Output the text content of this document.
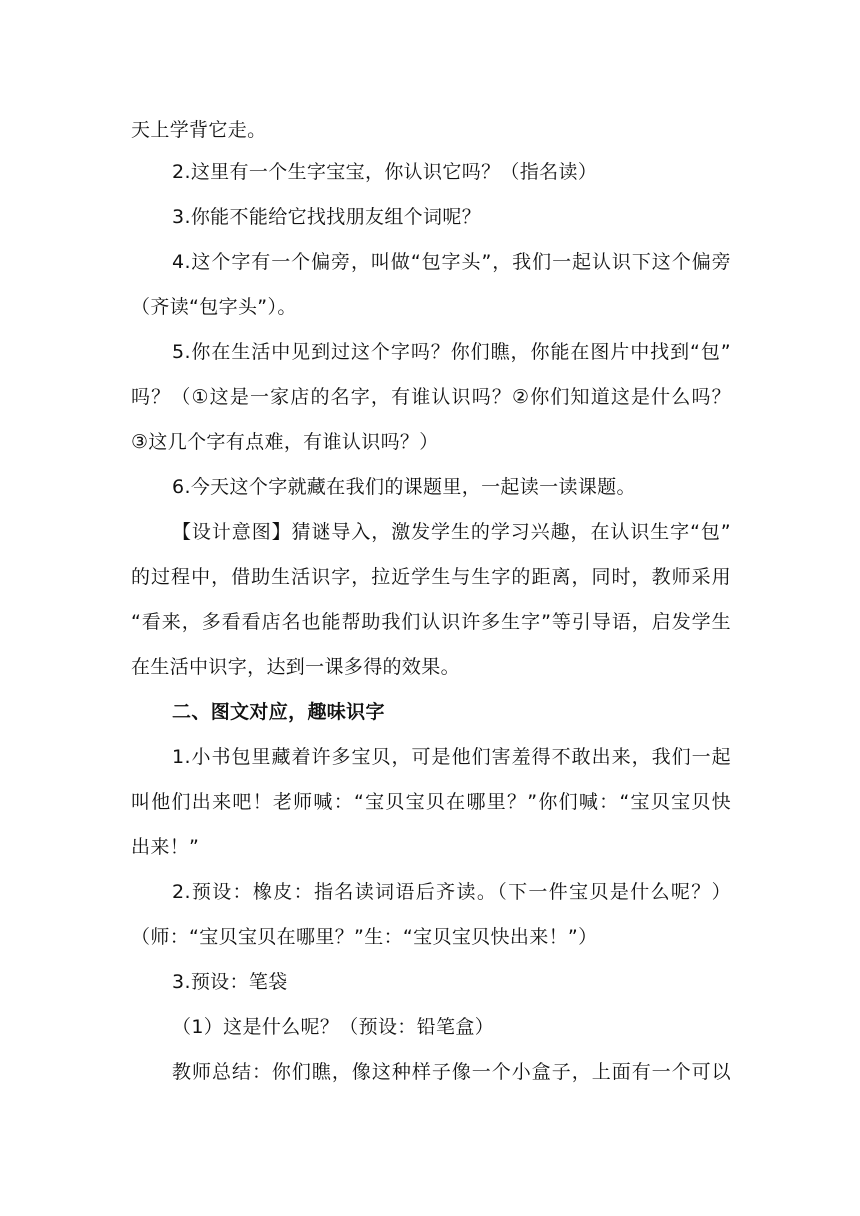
天上学背它走。
2.这里有一个生字宝宝，你认识它吗？（指名读）
3.你能不能给它找找朋友组个词呢？
4.这个字有一个偏旁，叫做“包字头”，我们一起认识下这个偏旁
（齐读“包字头”）。
5.你在生活中见到过这个字吗？你们瞧，你能在图片中找到“包”
吗？（①这是一家店的名字，有谁认识吗？②你们知道这是什么吗？
③这几个字有点难，有谁认识吗？）
6.今天这个字就藏在我们的课题里，一起读一读课题。
【设计意图】猜谜导入，激发学生的学习兴趣，在认识生字“包”
的过程中，借助生活识字，拉近学生与生字的距离，同时，教师采用
“看来，多看看店名也能帮助我们认识许多生字”等引导语，启发学生
在生活中识字，达到一课多得的效果。
二、图文对应，趣味识字
1.小书包里藏着许多宝贝，可是他们害羞得不敢出来，我们一起
叫他们出来吧！老师喊：“宝贝宝贝在哪里？”你们喊：“宝贝宝贝快
出来！”
2.预设：橡皮：指名读词语后齐读。（下一件宝贝是什么呢？）
（师：“宝贝宝贝在哪里？”生：“宝贝宝贝快出来！”）
3.预设：笔袋
（1）这是什么呢？（预设：铅笔盒）
教师总结：你们瞧，像这种样子像一个小盒子，上面有一个可以
